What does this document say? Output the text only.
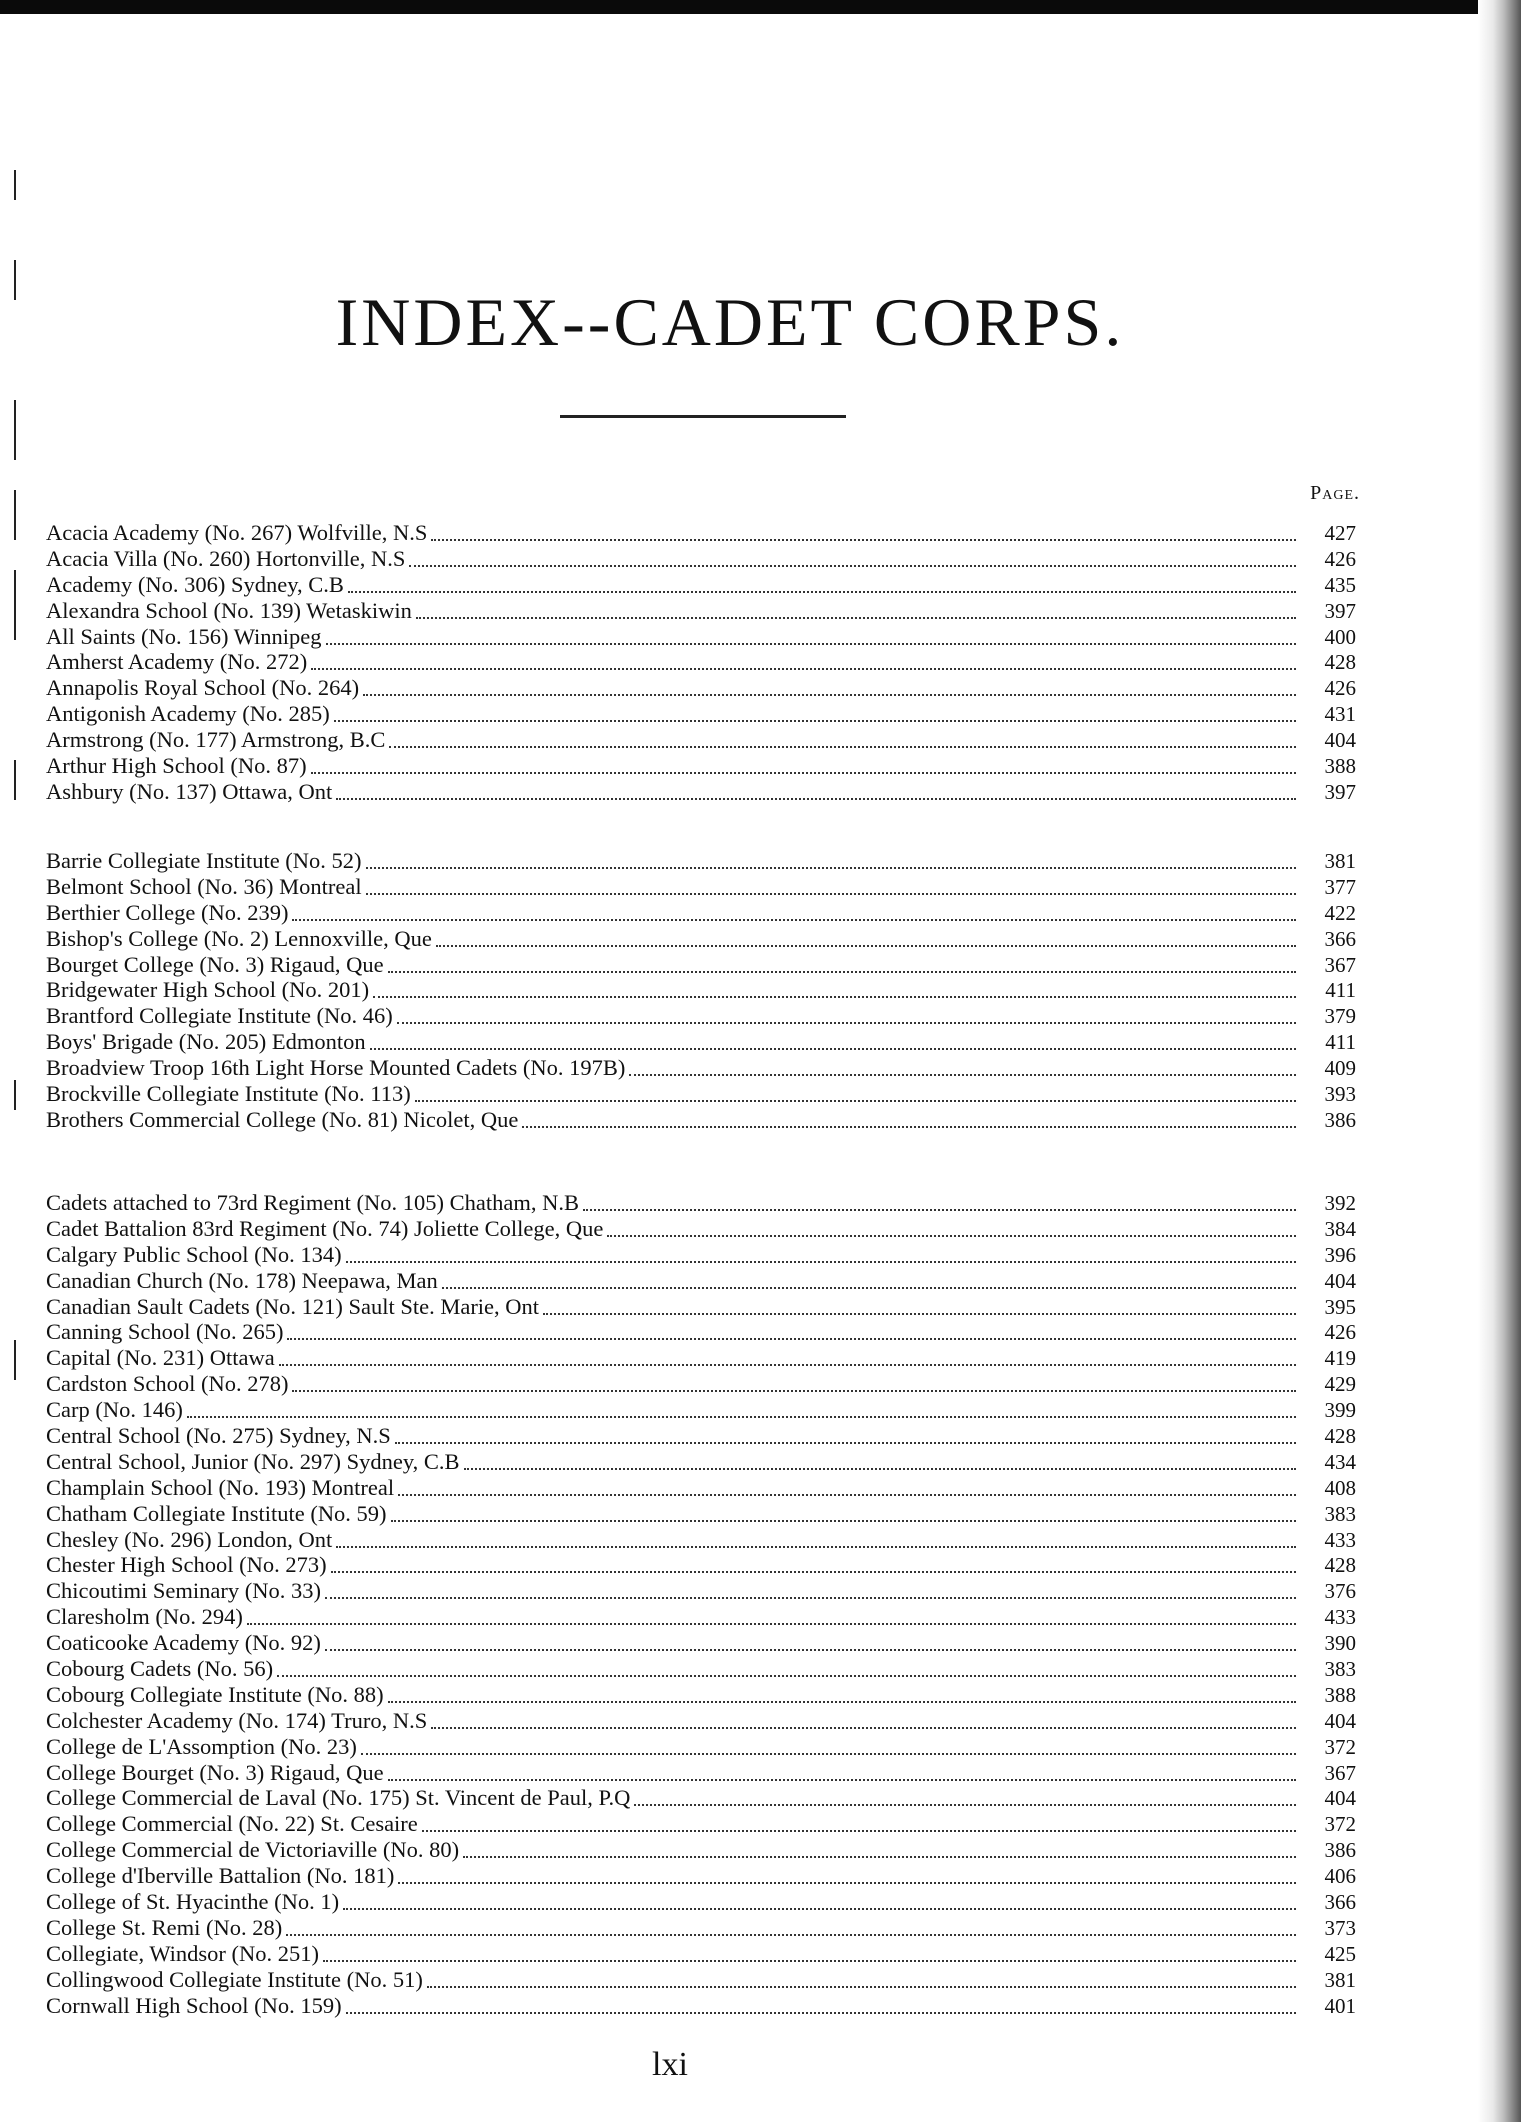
INDEX--CADET CORPS.
Page.
Acacia Academy (No. 267) Wolfville, N.S	427
Acacia Villa (No. 260) Hortonville, N.S	426
Academy (No. 306) Sydney, C.B	435
Alexandra School (No. 139) Wetaskiwin	397
All Saints (No. 156) Winnipeg	400
Amherst Academy (No. 272)	428
Annapolis Royal School (No. 264)	426
Antigonish Academy (No. 285)	431
Armstrong (No. 177) Armstrong, B.C	404
Arthur High School (No. 87)	388
Ashbury (No. 137) Ottawa, Ont	397
Barrie Collegiate Institute (No. 52)	381
Belmont School (No. 36) Montreal	377
Berthier College (No. 239)	422
Bishop's College (No. 2) Lennoxville, Que	366
Bourget College (No. 3) Rigaud, Que	367
Bridgewater High School (No. 201)	411
Brantford Collegiate Institute (No. 46)	379
Boys' Brigade (No. 205) Edmonton	411
Broadview Troop 16th Light Horse Mounted Cadets (No. 197B)	409
Brockville Collegiate Institute (No. 113)	393
Brothers Commercial College (No. 81) Nicolet, Que	386
Cadets attached to 73rd Regiment (No. 105) Chatham, N.B	392
Cadet Battalion 83rd Regiment (No. 74) Joliette College, Que	384
Calgary Public School (No. 134)	396
Canadian Church (No. 178) Neepawa, Man	404
Canadian Sault Cadets (No. 121) Sault Ste. Marie, Ont	395
Canning School (No. 265)	426
Capital (No. 231) Ottawa	419
Cardston School (No. 278)	429
Carp (No. 146)	399
Central School (No. 275) Sydney, N.S	428
Central School, Junior (No. 297) Sydney, C.B	434
Champlain School (No. 193) Montreal	408
Chatham Collegiate Institute (No. 59)	383
Chesley (No. 296) London, Ont	433
Chester High School (No. 273)	428
Chicoutimi Seminary (No. 33)	376
Claresholm (No. 294)	433
Coaticooke Academy (No. 92)	390
Cobourg Cadets (No. 56)	383
Cobourg Collegiate Institute (No. 88)	388
Colchester Academy (No. 174) Truro, N.S	404
College de L'Assomption (No. 23)	372
College Bourget (No. 3) Rigaud, Que	367
College Commercial de Laval (No. 175) St. Vincent de Paul, P.Q	404
College Commercial (No. 22) St. Cesaire	372
College Commercial de Victoriaville (No. 80)	386
College d'Iberville Battalion (No. 181)	406
College of St. Hyacinthe (No. 1)	366
College St. Remi (No. 28)	373
Collegiate, Windsor (No. 251)	425
Collingwood Collegiate Institute (No. 51)	381
Cornwall High School (No. 159)	401
lxi
